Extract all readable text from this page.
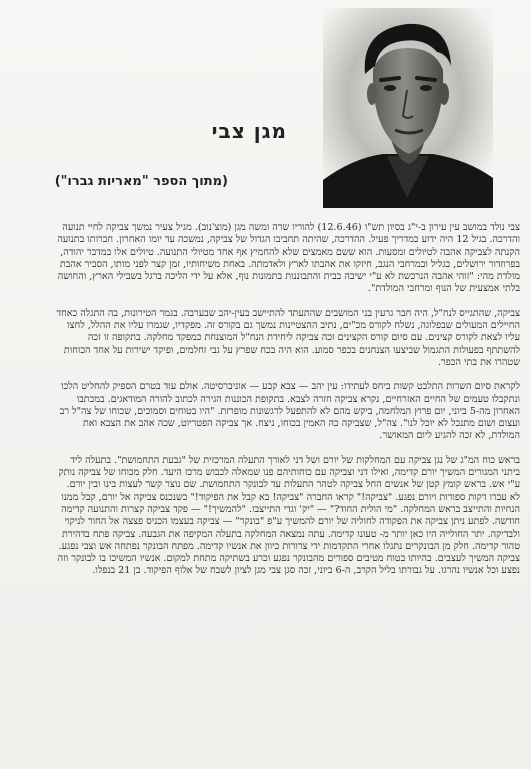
מגן צבי
(מתוך הספר "מאריות גברו")

צבי נולד במושב עין עירון ב-י"ג בסיון תש"ו (12.6.46) להוריו שרה ומשה מגן (מוצ'נוב). מגיל צעיר נמשך צביקה לחיי תנועה והדרכה. בגיל 12 היה ידוע כמדריך פעיל. ההדרכה, שהיתה תחביבו הגדול של צביקה, נמשכה עד יומו האחרון. חברותו בתנועה הקנתה לצביקה אהבה לטיולים ומסעות. הוא ששם מאמצים שלא להחמיץ אף אחד מטיולי התנועה. טיולים אלו במדבר יהודה, בפרוזדור ירושלים, בגליל ובמרחבי הנגב, חיזקו את אהבתו לארץ ולאדמתה. באחת משיחותיו, זמן קצר לפני מותו, הסביר אהבת מולדת מהי: "זוהי אהבה הנרכשת לא ע"י ישיבה בבית והתבוננות בתמונות נוף, אלא על ידי הליכה ברגל בשבילי הארץ, והחושה בלתי אמצעית של הנוף ומרחבי המולדת".

צביקה, שהתגייס לנח"ל, היה חבר גרעין בני המושבים שהתעתד להתיישב בעין-יהב שבערבה. בגמר הטירונות, בה התגלה כאחד החיילים המעולים שבפלוגה, נשלח לקורס מכ"ים, נתיב ההצטיינות נמשך גם בקורס זה. מפקדיו, שגמרו עליו את ההלל, לחצו עליו לצאת לקורס קצינים. עם סיום קורס הקצינים זכה צביקה ליחידת הנח"ל המוצנחת כמפקד מחלקה. בתקופה זו זכה להשתתף בפעולות התגמול שביצעו הצנחנים בכפר סמוע. הוא היה בכח שפרץ על גבי זחלמים, ופיקד ישירות על אחד הכוחות שטהרו את בתי הכפר.

לקראת סיום השרות התלבט קשות ביחס לעתידו: עין יהב — צבא קבע — אוניברסיטה. אולם עוד בטרם הספיק להחליט הלכו ונתקבלו טעמים של החיים האזרחיים, נקרא צביקה חזרה לצבא. בתקופת הכוננות הגירה לכתוב להורה המודאגים. במכתבו האחרון מה-5 ביוני, יום פרוץ המלחמה, ביקש מהם לא להתפעל לרגשונות מופרזת. "היו בטוחים וסמוכים, שכוחו של צה"ל רב ועצום ושום מתנכל לא יוכל לנו". צה"ל, שצביקה כה האמין בכוחו, ניצח. אך צביקה הפטריוט, שכה אהב את הצבא ואת המולדת, לא זכה להגיע ליום המאושר.

בראש כוח המ"ג של נגן צביקה עם המחלקות של יורם ושל דני לאורך התעלה המרכזית של "גבעת התחמושת". בתעלה ליד ביתני המגורים המשיך יורם קדימה, ואילו דני וצביקה עם כוחותיהם פנו שמאלה לכבוש מרכז היעד. חלק מכוחו של צביקה נותק ע"י אש. בראש קומץ קטן של אנשים החל צביקה לטהר התעלות עד לבונקר התחמושת. שם נוצר קשר לעצות בינו ובין יורם. לא עברו דקות ספורות ויורם נפגע. "צביקה!" קראו החברה "צביקה! בא קבל את הפיקוד!" כשנכנס צביקה אל יורם, קבל ממנו הנחיות והתייצב בראש המחלקה. "מי הולית החוד?" — "יק' וגדי התייצבו. "להמשיך!" — פקד צביקה קצרות והתנועה קדימה חודשה. לפתע ניתן צביקה את הפקודה לחוליה של יורם להמשיך ע"פ "בונקר" — צביקה בעצמו הכניס פצצה אל החור לניקוי ולבדיקה. יתר החולייה היו כאן יותר מ- טעונו קדימה. עתה נמצאה המחלקה בתעלה המקיפה את הגבעה. צביקה פתח בדהירת טהור קדימה. חלק מן הבונקרים נתגלו אחרי התקדמות ידי צרורות כיוון את אנשיו קדימה. מפתח הבונקר נפתחה אש וצבי נפגע. צביקה המשיך לעצבים. בהיותו בטוח מטיבים ספורים מהבונקר נפגע וכרע בשתיקה מתחת למקום. אנשיו המשיכו בו לבונקר וזה נפצע וכל אנשיו נהרגו. על גבורתו בליל הקרב, ה-6 ביוני, זכה סגן צבי מגן לציון לשבח של אלוף הפיקוד. בן 21 בנפלו.
